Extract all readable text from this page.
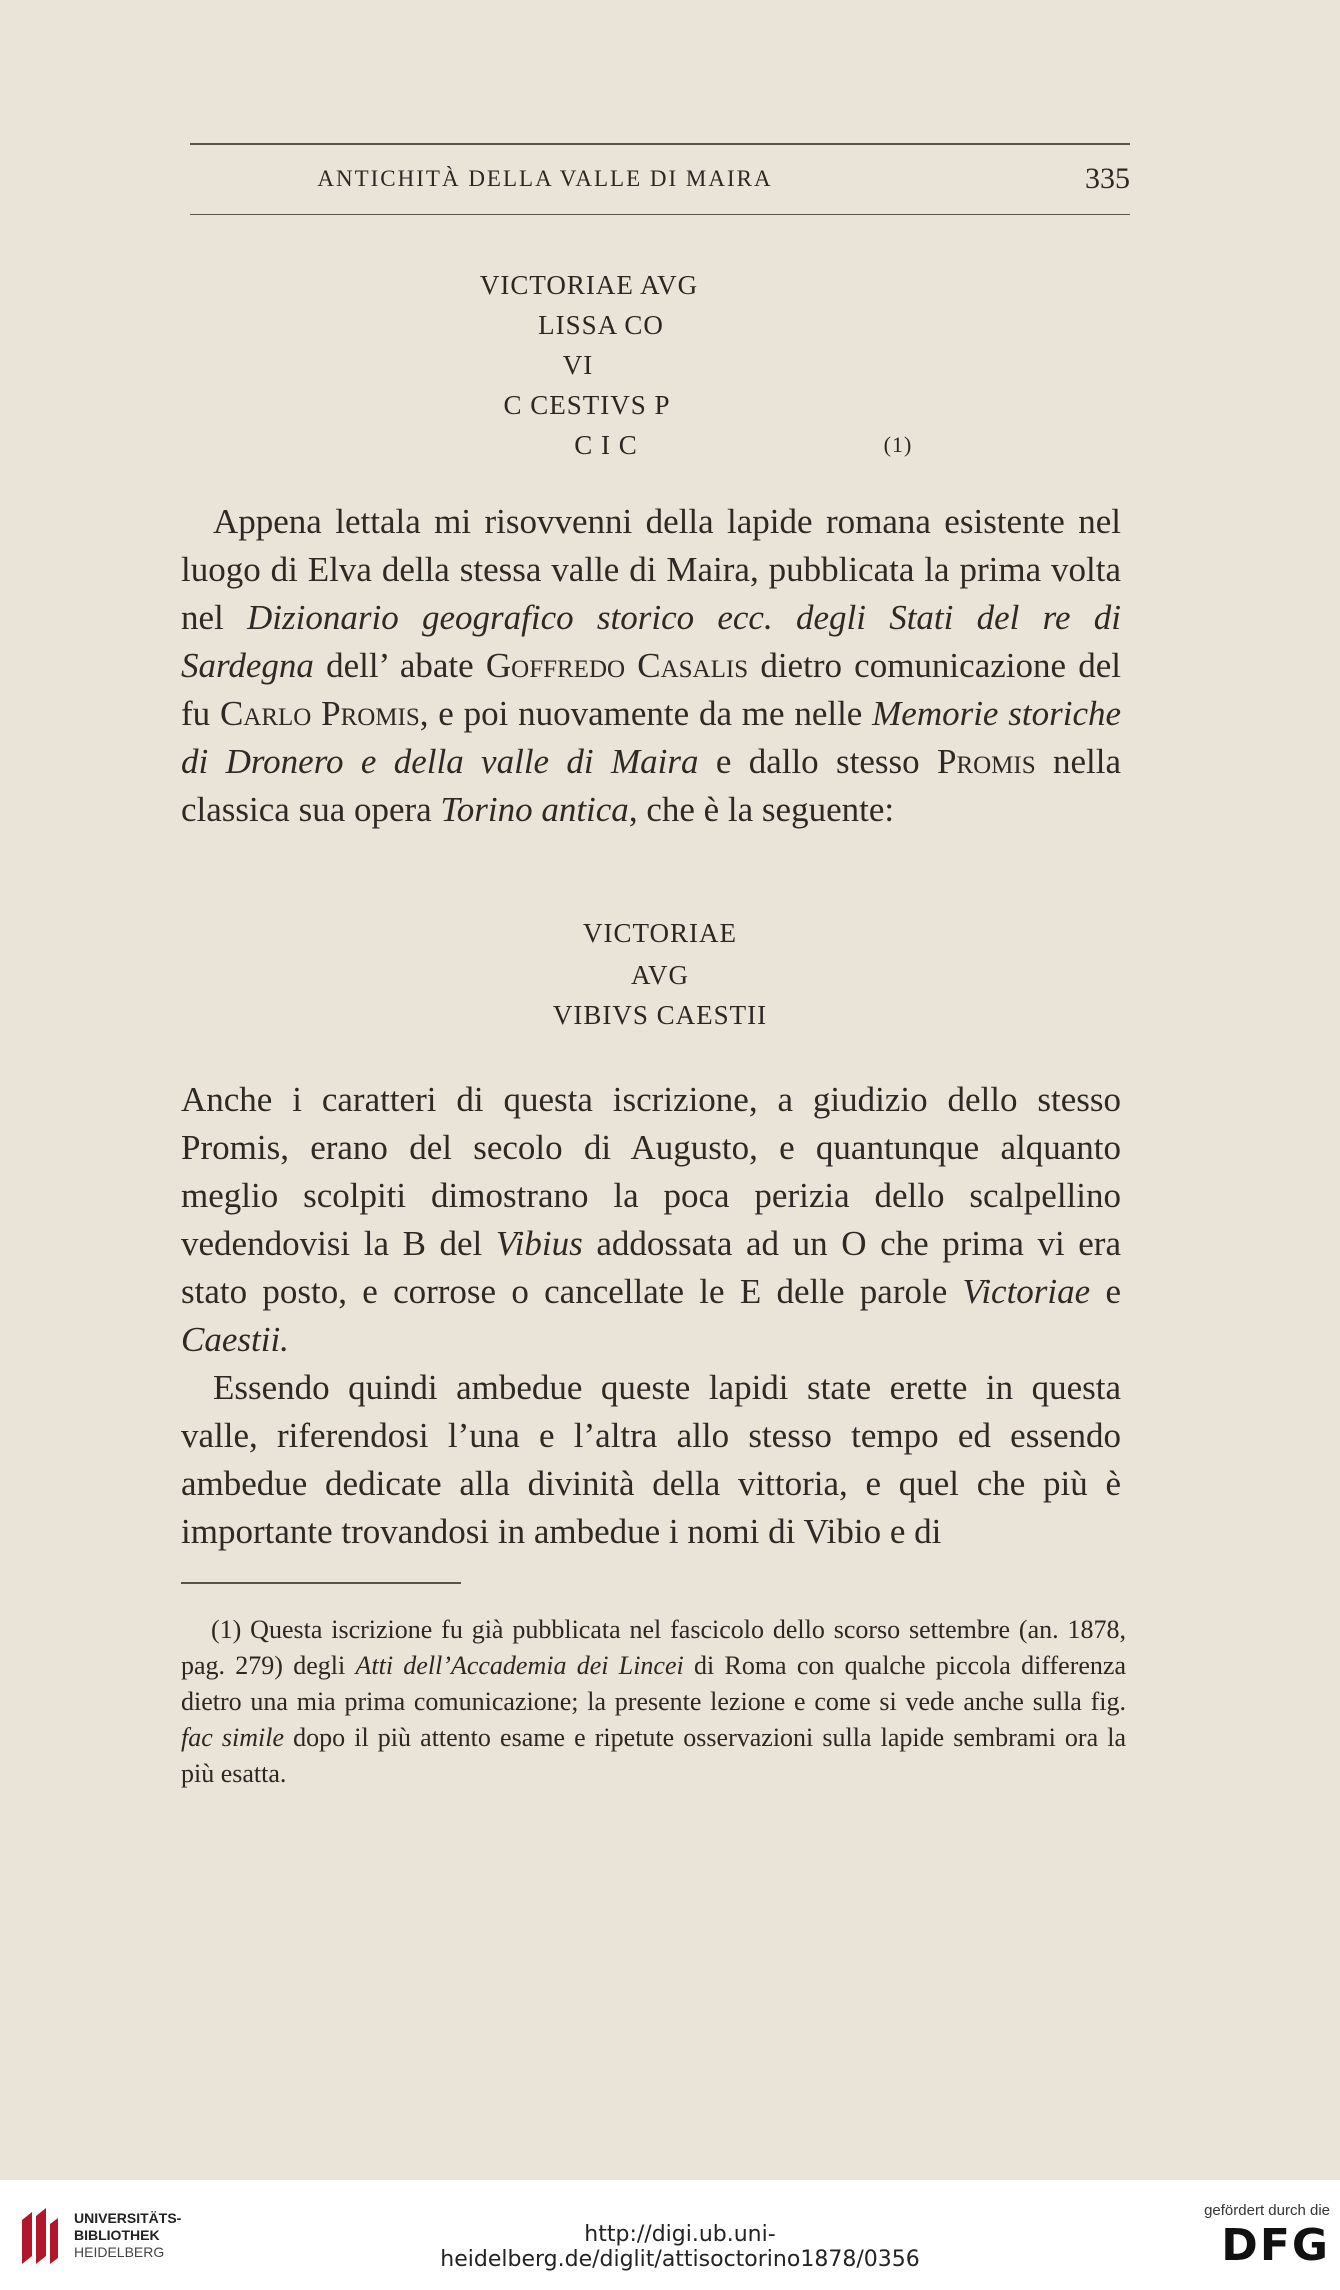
ANTICHITÀ DELLA VALLE DI MAIRA	335
VICTORIAE AVG
LISSA CO
VI
C CESTIVS P
C I C	(1)

Appena lettala mi risovvenni della lapide romana esistente nel luogo di Elva della stessa valle di Maira, pubblicata la prima volta nel Dizionario geografico storico ecc. degli Stati del re di Sardegna dell’ abate Goffredo Casalis dietro comunicazione del fu Carlo Promis, e poi nuovamente da me nelle Memorie storiche di Dronero e della valle di Maira e dallo stesso Promis nella classica sua opera Torino antica, che è la seguente:

VICTORIAE
AVG
VIBIVS CAESTII

Anche i caratteri di questa iscrizione, a giudizio dello stesso Promis, erano del secolo di Augusto, e quantunque alquanto meglio scolpiti dimostrano la poca perizia dello scalpellino vedendovisi la B del Vibius addossata ad un O che prima vi era stato posto, e corrose o cancellate le E delle parole Victoriae e Caestii.

Essendo quindi ambedue queste lapidi state erette in questa valle, riferendosi l’una e l’altra allo stesso tempo ed essendo ambedue dedicate alla divinità della vittoria, e quel che più è importante trovandosi in ambedue i nomi di Vibio e di

(1) Questa iscrizione fu già pubblicata nel fascicolo dello scorso settembre (an. 1878, pag. 279) degli Atti dell’Accademia dei Lincei di Roma con qualche piccola differenza dietro una mia prima comunicazione; la presente lezione e come si vede anche sulla fig. fac simile dopo il più attento esame e ripetute osservazioni sulla lapide sembrami ora la più esatta.

UNIVERSITÄTS-
BIBLIOTHEK
HEIDELBERG
http://digi.ub.uni-heidelberg.de/diglit/attisoctorino1878/0356
gefördert durch die
DFG
